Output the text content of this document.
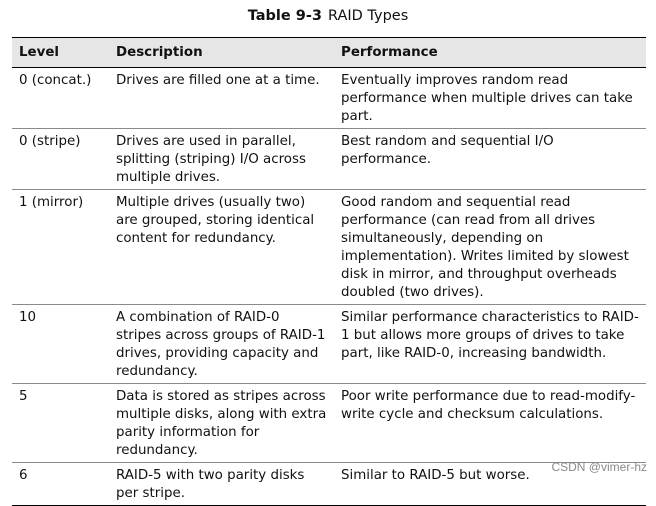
Table 9-3 RAID Types
Level	Description	Performance
0 (concat.)	Drives are filled one at a time.	Eventually improves random read performance when multiple drives can take part.
0 (stripe)	Drives are used in parallel, splitting (striping) I/O across multiple drives.	Best random and sequential I/O performance.
1 (mirror)	Multiple drives (usually two) are grouped, storing identical content for redundancy.	Good random and sequential read performance (can read from all drives simultaneously, depending on implementation). Writes limited by slowest disk in mirror, and throughput overheads doubled (two drives).
10	A combination of RAID-0 stripes across groups of RAID-1 drives, providing capacity and redundancy.	Similar performance characteristics to RAID-1 but allows more groups of drives to take part, like RAID-0, increasing bandwidth.
5	Data is stored as stripes across multiple disks, along with extra parity information for redundancy.	Poor write performance due to read-modify-write cycle and checksum calculations.
6	RAID-5 with two parity disks per stripe.	Similar to RAID-5 but worse.
CSDN @vimer-hz
